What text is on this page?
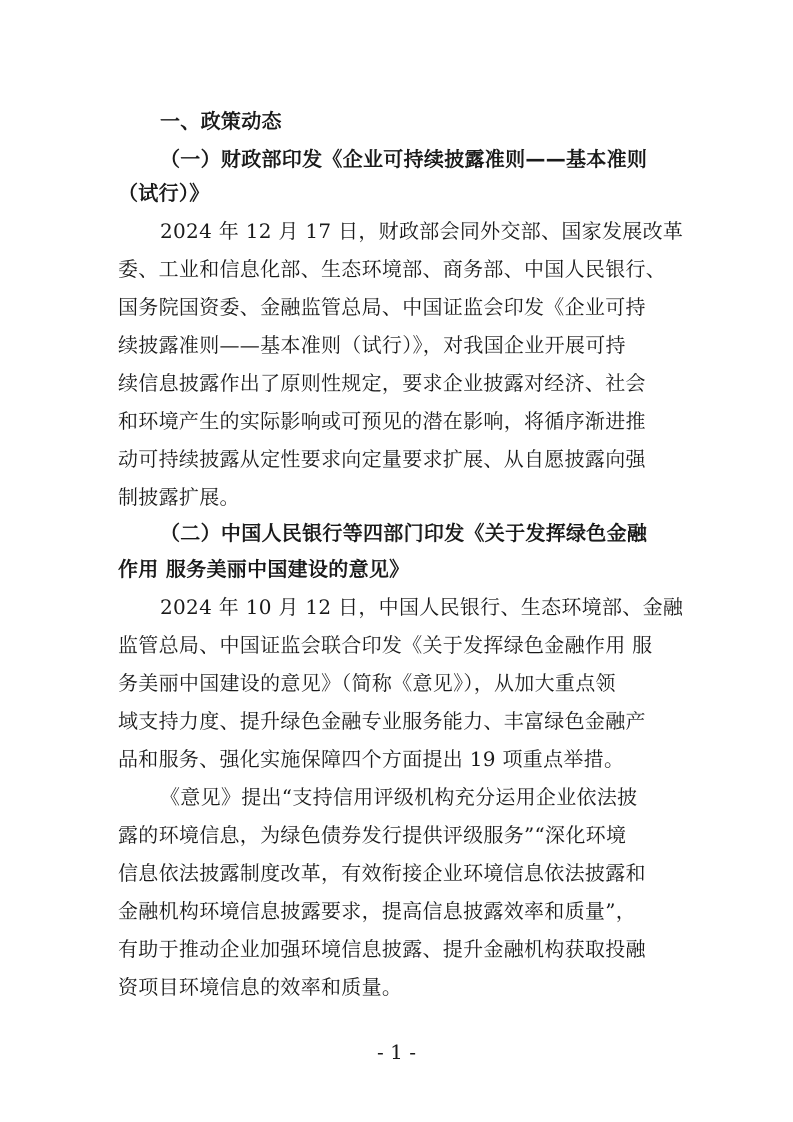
一、政策动态
（一）财政部印发《企业可持续披露准则——基本准则
（试行）》
2024 年 12 月 17 日，财政部会同外交部、国家发展改革
委、工业和信息化部、生态环境部、商务部、中国人民银行、
国务院国资委、金融监管总局、中国证监会印发《企业可持
续披露准则——基本准则（试行）》，对我国企业开展可持
续信息披露作出了原则性规定，要求企业披露对经济、社会
和环境产生的实际影响或可预见的潜在影响，将循序渐进推
动可持续披露从定性要求向定量要求扩展、从自愿披露向强
制披露扩展。
（二）中国人民银行等四部门印发《关于发挥绿色金融
作用 服务美丽中国建设的意见》
2024 年 10 月 12 日，中国人民银行、生态环境部、金融
监管总局、中国证监会联合印发《关于发挥绿色金融作用 服
务美丽中国建设的意见》（简称《意见》），从加大重点领
域支持力度、提升绿色金融专业服务能力、丰富绿色金融产
品和服务、强化实施保障四个方面提出 19 项重点举措。
《意见》提出“支持信用评级机构充分运用企业依法披
露的环境信息，为绿色债券发行提供评级服务”“深化环境
信息依法披露制度改革，有效衔接企业环境信息依法披露和
金融机构环境信息披露要求，提高信息披露效率和质量”，
有助于推动企业加强环境信息披露、提升金融机构获取投融
资项目环境信息的效率和质量。
- 1 -
